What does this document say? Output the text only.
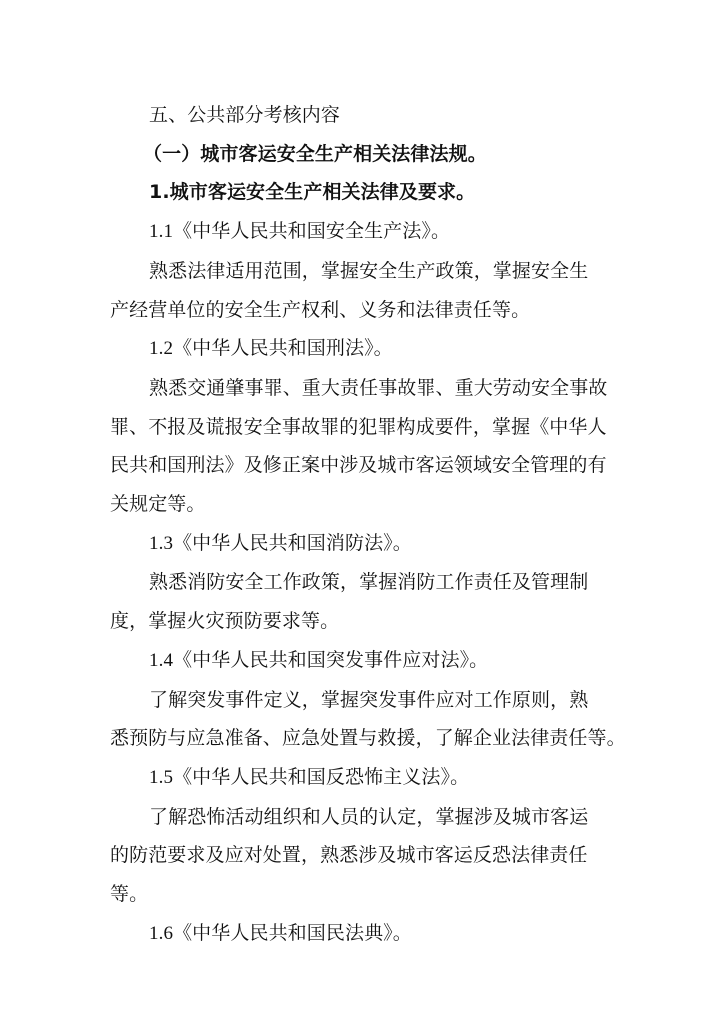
五、公共部分考核内容
（一）城市客运安全生产相关法律法规。
1.城市客运安全生产相关法律及要求。
1.1《中华人民共和国安全生产法》。
熟悉法律适用范围，掌握安全生产政策，掌握安全生
产经营单位的安全生产权利、义务和法律责任等。
1.2《中华人民共和国刑法》。
熟悉交通肇事罪、重大责任事故罪、重大劳动安全事故
罪、不报及谎报安全事故罪的犯罪构成要件，掌握《中华人
民共和国刑法》及修正案中涉及城市客运领域安全管理的有
关规定等。
1.3《中华人民共和国消防法》。
熟悉消防安全工作政策，掌握消防工作责任及管理制
度，掌握火灾预防要求等。
1.4《中华人民共和国突发事件应对法》。
了解突发事件定义，掌握突发事件应对工作原则，熟
悉预防与应急准备、应急处置与救援，了解企业法律责任等。
1.5《中华人民共和国反恐怖主义法》。
了解恐怖活动组织和人员的认定，掌握涉及城市客运
的防范要求及应对处置，熟悉涉及城市客运反恐法律责任
等。
1.6《中华人民共和国民法典》。
